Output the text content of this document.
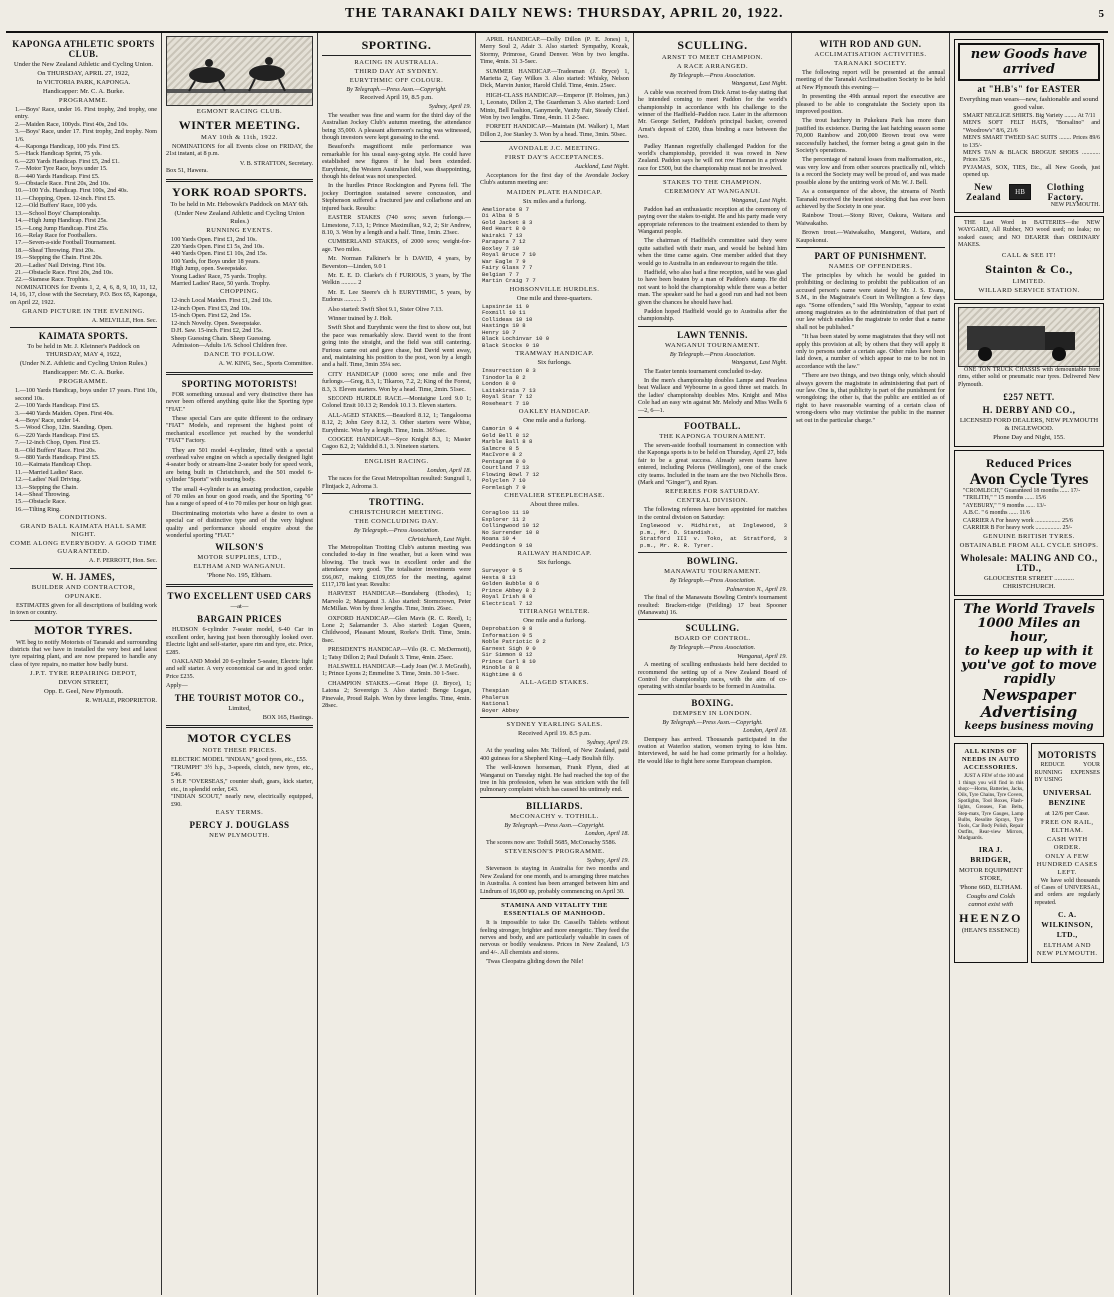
THE TARANAKI DAILY NEWS: THURSDAY, APRIL 20, 1922.	5
KAPONGA ATHLETIC SPORTS CLUB.
Under the New Zealand Athletic and Cycling Union.
On THURSDAY, APRIL 27, 1922,
In VICTORIA PARK, KAPONGA.
Handicapper: Mr. C. A. Burke.
PROGRAMME.
1.—Boys' Race, under 16. First trophy, 2nd trophy, one entry.
2.—Maiden Race, 100yds. First 40s, 2nd 10s.
3.—Boys' Race, under 17. First trophy, 2nd trophy. Nom 1/6.
4.—Kaponga Handicap, 100 yds. First £5.
5.—Hack Handicap Sprint, 75 yds.
6.—220 Yards Handicap. First £5, 2nd £1.
7.—Motor Tyre Race, boys under 15.
8.—440 Yards Handicap. First £5.
9.—Obstacle Race. First 20s, 2nd 10s.
10.—100 Yds. Handicap. First 100s, 2nd 40s.
11.—Chopping, Open. 12-inch. First £5.
12.—Old Buffers' Race, 100 yds.
13.—School Boys' Championship.
14.—High Jump Handicap. First 25s.
15.—Long Jump Handicap. First 25s.
16.—Relay Race for Footballers.
17.—Seven-a-side Football Tournament.
18.—Sheaf Throwing. First 20s.
19.—Stepping the Chain. First 20s.
20.—Ladies' Nail Driving. First 10s.
21.—Obstacle Race. First 20s, 2nd 10s.
22.—Siamese Race. Trophies.

NOMINATIONS for Events 1, 2, 4, 6, 8, 9, 10, 11, 12, 14, 16, 17, close with the Secretary, P.O. Box 65, Kaponga, on April 22, 1922.

GRAND PICTURE IN THE EVENING.
A. MELVILLE, Hon. Sec.
KAIMATA SPORTS.
To be held in Mr. J. Kleinner's Paddock on THURSDAY, MAY 4, 1922,
(Under N.Z. Athletic and Cycling Union Rules.)
Handicapper: Mr. C. A. Burke.
PROGRAMME.
1.—100 Yards Handicap, boys under 17 years. First 10s, second 10s.
2.—100 Yards Handicap. First £5.
3.—440 Yards Maiden. Open. First 40s.
4.—Boys' Race, under 14.
5.—Wood Chop, 12in. Standing. Open.
6.—220 Yards Handicap. First £5.
7.—12-inch Chop, Open. First £5.
8.—Old Buffers' Race. First 20s.
9.—880 Yards Handicap. First £5.
10.—Kaimata Handicap Chop.
11.—Married Ladies' Race.
12.—Ladies' Nail Driving.
13.—Stepping the Chain.
14.—Sheaf Throwing.
15.—Obstacle Race.
16.—Tilting Ring.
CONDITIONS.
GRAND BALL KAIMATA HALL SAME NIGHT.
COME ALONG EVERYBODY. A GOOD TIME GUARANTEED.
A. F. PERROTT, Hon. Sec.
W. H. JAMES,
BUILDER AND CONTRACTOR,
OPUNAKE.

ESTIMATES given for all descriptions of building work in town or country.

MOTOR TYRES.

WE beg to notify Motorists of Taranaki and surrounding districts that we have in installed the very best and latest tyre repairing plant, and are now prepared to handle any class of tyre repairs, no matter how badly burst.

J.P.T. TYRE REPAIRING DEPOT,
DEVON STREET,
Opp. E. Geel, New Plymouth.
R. WHALE, PROPRIETOR.
EGMONT RACING CLUB.
WINTER MEETING.
MAY 10th & 11th, 1922.

NOMINATIONS for all Events close on FRIDAY, the 21st instant, at 8 p.m.

V. B. STRATTON, Secretary.
Box 51, Hawera.
YORK ROAD SPORTS.
To be held in Mr. Hebowski's Paddock on MAY 6th.
(Under New Zealand Athletic and Cycling Union Rules.)
RUNNING EVENTS.
100 Yards Open. First £1, 2nd 10s.
220 Yards Open. First £1 5s, 2nd 10s.
440 Yards Open. First £1 10s, 2nd 15s.
100 Yards, for Boys under 18 years.
High Jump, open. Sweepstake.
Young Ladies' Race, 75 yards. Trophy.
Married Ladies' Race, 50 yards. Trophy.
CHOPPING.
12-inch Local Maiden. First £1, 2nd 10s.
12-inch Open. First £3, 2nd 10s.
15-inch Open. First £2, 2nd 15s.
12-inch Novelty. Open. Sweepstake.
D.H. Saw. 15-inch. First £2, 2nd 15s.
Sheep Guessing Chain. Sheep Guessing.

Admission—Adults 1/6. School Children free.

DANCE TO FOLLOW.
A. W. KING, Sec., Sports Committee.
SPORTING MOTORISTS!

FOR something unusual and very distinctive there has never been offered anything quite like the Sporting type "FIAT."

These special Cars are quite different to the ordinary "FIAT" Models, and represent the highest point of mechanical excellence yet reached by the wonderful "FIAT" Factory.

They are 501 model 4-cylinder, fitted with a special overhead valve engine on which a specially designed light 4-seater body or stream-line 2-seater body for speed work, are being built in Christchurch, and the 501 model 6-cylinder "Sports" with touring body.

The small 4-cylinder is an amazing production, capable of 70 miles an hour on good roads, and the Sporting "6" has a range of speed of 4 to 70 miles per hour on high gear.

Discriminating motorists who have a desire to own a special car of distinctive type and of the very highest quality and performance should enquire about the wonderful sporting "FIAT."

WILSON'S
MOTOR SUPPLIES, LTD.,
ELTHAM AND WANGANUI.
'Phone No. 195, Eltham.
TWO EXCELLENT USED CARS
—at—
BARGAIN PRICES

HUDSON 6-cylinder 7-seater model, 6-40 Car in excellent order, having just been thoroughly looked over. Electric light and self-starter, spare rim and tyre, etc. Price, £285.

OAKLAND Model 20 6-cylinder 5-seater, Electric light and self starter. A very economical car and in good order. Price £235.

Apply—
THE TOURIST MOTOR CO.,
Limited,
BOX 165, Hastings.
MOTOR CYCLES
NOTE THESE PRICES.
ELECTRIC MODEL "INDIAN," good tyres, etc., £55.
"TRUMPH" 3½ h.p., 3-speeds, clutch, new tyres, etc., £46.
5 H.P. "OVERSEAS," counter shaft, gears, kick starter, etc., in splendid order, £43.
"INDIAN SCOUT," nearly new, electrically equipped, £90.
EASY TERMS.
PERCY J. DOUGLASS
NEW PLYMOUTH.
SPORTING.
RACING IN AUSTRALIA.
THIRD DAY AT SYDNEY.
EURYTHMIC OFF COLOUR.
By Telegraph.—Press Assn.—Copyright.
Received April 19, 8.5 p.m.
Sydney, April 19.

The weather was fine and warm for the third day of the Australian Jockey Club's autumn meeting, the attendance being 35,000. A pleasant afternoon's racing was witnessed, though investors were kept guessing to the end.

Beauford's magnificent mile performance was remarkable for his usual easy-going style. He could have established new figures if he had been extended. Eurythmic, the Western Australian idol, was disappointing, though his defeat was not unexpected.

In the hurdles Prince Rockington and Pyrens fell. The jockey Dorrington sustained severe concussion, and Stephenson suffered a fractured jaw and collarbone and an injured back. Results:

EASTER STAKES (740 sovs; seven furlongs.—Limestone, 7.13, 1; Prince Maximilian, 9.2, 2; Sir Andrew, 8.10, 3. Won by a length and a half. Time, 1min. 23sec.

CUMBERLAND STAKES, of 2000 sovs; weight-for-age. Two miles.

Mr. Norman Falkiner's br h DAVID, 4 years, by Beverston—Linden, 9.0 1

Mr. E. E. D. Clarke's ch f FURIOUS, 3 years, by The Welkin .......... 2

Mr. E. Lee Steere's ch h EURYTHMIC, 5 years, by Eudorus ........... 3

Also started: Swift Shot 9.1, Sister Olive 7.13.

Winner trained by J. Holt.

Swift Shot and Eurythmic were the first to show out, but the pace was remarkably slow. David went to the front going into the straight, and the field was still cantering. Furious came out and gave chase, but David went away, and, maintaining his position to the post, won by a length and a half. Time, 3min 35¼ sec.

CITY HANDICAP (1000 sovs; one mile and five furlongs.—Greg, 8.3, 1; Tikaroo, 7.2, 2; King of the Forest, 8.3, 3. Eleven starters. Won by a head. Time, 2min. 51sec.

SECOND HURDLE RACE.—Montaigne Lord 9.0 1; Colonel Ensit 10.13 2; Rendok 10.1 3. Eleven starters.

ALL-AGED STAKES.—Beauford 8.12, 1; Tangalooma 8.12, 2; John Grey 8.12, 3. Other starters were Whise, Eurythmic. Won by a length. Time, 1min. 36½sec.

COOGEE HANDICAP.—Syce Knight 8.3, 1; Master Cagoo 8.2, 2; Valdidid 8.1, 3. Nineteen starters.

ENGLISH RACING.
London, April 18.

The races for the Great Metropolitan resulted: Sungrail 1, Flintjack 2, Adroma 3.

TROTTING.
CHRISTCHURCH MEETING.
THE CONCLUDING DAY.
By Telegraph.—Press Association.
Christchurch, Last Night.

The Metropolitan Trotting Club's autumn meeting was concluded to-day in fine weather, but a keen wind was blowing. The track was in excellent order and the attendance very good. The totalisator investments were £66,067, making £109,055 for the meeting, against £117,178 last year. Results:

HARVEST HANDICAP.—Bundaberg (Ehodes), 1; Marvolo 2; Manganui 3. Also started: Stormcrown, Peter McMillan. Won by three lengths. Time, 3min. 26sec.

OXFORD HANDICAP.—Glen Mavis (R. C. Reed), 1; Lone 2; Salamander 3. Also started: Logan Queen, Childwood, Pleasant Mount, Rorke's Drift. Time, 3min. 8sec.

PRESIDENT'S HANDICAP.—Vilo (R. C. McDermott), 1; Tatsy Dillon 2; Paul Dufault 3. Time, 4min. 25sec.

HALSWELL HANDICAP.—Lady Joan (W. J. McGrath), 1; Prince Lyons 2; Emmeline 3. Time, 3min. 30 1-5sec.

CHAMPION STAKES.—Great Hope (J. Bryce), 1; Latona 2; Sovereign 3. Also started: Benge Logan, Pinevale, Proud Ralph. Won by three lengths. Time, 4min. 28sec.

APRIL HANDICAP.—Dolly Dillon (P. E. Jones) 1, Merry Soul 2, Adair 3. Also started: Sympathy, Kozak, Stormy, Primrose, Grand Denver. Won by two lengths. Time, 4min. 31 3-5sec.

SUMMER HANDICAP.—Tradesman (J. Bryce) 1, Marietta 2, Gay Wilkes 3. Also started: Whisky, Nelson Dick, Marvin Junior, Harold Child. Time, 4min. 25sec.

HIGH-CLASS HANDICAP.—Emperor (F. Holmes, jun.) 1, Leonato, Dillon 2, The Guardsman 3. Also started: Lord Minto, Bell Fashion, Ganymede, Vanity Fair, Steady Chief. Won by two lengths. Time, 4min. 11 2-5sec.

FORFEIT HANDICAP.—Maintain (M. Walker) 1, Mart Dillon 2, Joe Stanley 3. Won by a head. Time, 3min. 50sec.

AVONDALE J.C. MEETING.
FIRST DAY'S ACCEPTANCES.
Auckland, Last Night.

Acceptances for the first day of the Avondale Jockey Club's autumn meeting are:

MAIDEN PLATE HANDICAP.
Six miles and a furlong.
Ameliorate 8 7
Di Alba 8 5
Gold Jacket 8 3
Red Heart 8 0
Wairaki 7 13
Parapara 7 12
Boxley 7 10
Royal Bruce 7 10
War Eagle 7 9
Fairy Glass 7 7
Belgian 7 7
Martin Craig 7 7
HOBSONVILLE HURDLES.
One mile and three-quarters.
Lapsinrie 11 0
Foxmill 10 11
Collideas 10 10
Hastings 10 8
Henry 10 7
Black Lochinvar 10 0
Black Stocks 9 10
TRAMWAY HANDICAP.
Six furlongs.
Insurrection 8 3
Tinodorla 8 2
London 8 0
Laitakiraia 7 13
Royal Star 7 12
Roseheart 7 10
OAKLEY HANDICAP.
One mile and a furlong.
Camorin 9 4
Gold Bell 8 12
Marble Ball 8 8
Salmcre 8 5
MacIvore 8 2
Pentagram 8 0
Courtland 7 13
Flowing Bowl 7 12
Polyclen 7 10
Formleigh 7 9
CHEVALIER STEEPLECHASE.
About three miles.
Coragloo 11 10
Explorer 11 2
Collingwood 10 12
No Surrender 10 8
Noana 10 4
Peddington 9 10
RAILWAY HANDICAP.
Six furlongs.
Surveyor 9 5
Hesta 8 13
Golden Bubble 8 6
Prince Abbey 8 2
Royal Irish 8 0
Electrical 7 12
TITIRANGI WELTER.
One mile and a furlong.
Deprobation 9 8
Information 9 5
Noble Patriotic 9 2
Earnest Sigh 9 0
Sir Simmon 8 12
Prince Carl 8 10
Minoble 8 8
Nightime 8 6
ALL-AGED STAKES.
Thespian
Phalerus
National
Boyer Abbey
SYDNEY YEARLING SALES.
Received April 19. 8.5 p.m.
Sydney, April 19.

At the yearling sales Mr. Telford, of New Zealand, paid 400 guineas for a Shepherd King—Lady Boulish filly.

The well-known horseman, Frank Flynn, died at Wanganui on Tuesday night. He had reached the top of the tree in his profession, when he was stricken with the fell pulmonary complaint which has caused his untimely end.

BILLIARDS.
McCONACHY v. TOTHILL.
By Telegraph.—Press Assn.—Copyright.
London, April 18.

The scores now are: Tothill 5685, McConachy 5586.

STEVENSON'S PROGRAMME.
Sydney, April 19.

Stevenson is staying in Australia for two months and New Zealand for one month, and is arranging three matches in Australia. A contest has been arranged between him and Lindrum of 16,000 up, probably commencing on April 30.

STAMINA AND VITALITY THE ESSENTIALS OF MANHOOD.

It is impossible to take Dr. Cassell's Tablets without feeling stronger, brighter and more energetic. They feed the nerves and body, and are particularly valuable in cases of nervous or bodily weakness. Prices in New Zealand, 1/3 and 4/-. All chemists and stores.

'Twas Cleopatra gliding down the Nile!

SCULLING.
ARNST TO MEET CHAMPION.
A RACE ARRANGED.
By Telegraph.—Press Association.
Wanganui, Last Night.

A cable was received from Dick Arnst to-day stating that he intended coming to meet Paddon for the world's championship in accordance with his challenge to the winner of the Hadfield–Paddon race. Later in the afternoon Mr. George Seifert, Paddon's principal backer, covered Arnst's deposit of £200, thus binding a race between the two.

Padley Hannan regretfully challenged Paddon for the world's championship, provided it was rowed in New Zealand. Paddon says he will not row Hannan in a private race for £500, but the championship must not be involved.

STAKES TO THE CHAMPION.
CEREMONY AT WANGANUI.
Wanganui, Last Night.

Paddon had an enthusiastic reception at the ceremony of paying over the stakes to-night. He and his party made very appropriate references to the treatment extended to them by Wanganui people.

The chairman of Hadfield's committee said they were quite satisfied with their man, and would be behind him when the time came again. One member added that they would go to Australia in an endeavour to regain the title.

Hadfield, who also had a fine reception, said he was glad to have been beaten by a man of Paddon's stamp. He did not want to hold the championship while there was a better man. The speaker said he had a good run and had not been given the chances he should have had.

Paddon hoped Hadfield would go to Australia after the championship.

LAWN TENNIS.
WANGANUI TOURNAMENT.
By Telegraph.—Press Association.
Wanganui, Last Night.

The Easter tennis tournament concluded to-day.

In the men's championship doubles Lampe and Pearless beat Wallace and Wybourne in a good three set match. In the ladies' championship doubles Mrs. Knight and Miss Cole had an easy win against Mr. Melody and Miss Wells 6—2, 6—1.

FOOTBALL.
THE KAPONGA TOURNAMENT.

The seven-aside football tournament in connection with the Kaponga sports is to be held on Thursday, April 27, bids fair to be a great success. Already seven teams have entered, including Pelorus (Wellington), one of the crack city teams. Included in the team are the two Nicholls Bros. (Mark and "Ginger"), and Ryan.

REFEREES FOR SATURDAY.
CENTRAL DIVISION.

The following referees have been appointed for matches in the central division on Saturday:

Inglewood v. Midhirst, at Inglewood, 3 p.m., Mr. D. Standish.
Stratford III v. Toko, at Stratford, 3 p.m., Mr. R. R. Tyrer.
BOWLING.
MANAWATU TOURNAMENT.
By Telegraph.—Press Association.
Palmerston N., April 19.

The final of the Manawatu Bowling Centre's tournament resulted: Bracken-ridge (Feilding) 17 beat Spooner (Manawatu) 16.

SCULLING.
BOARD OF CONTROL.
By Telegraph.—Press Association.
Wanganui, April 19.

A meeting of sculling enthusiasts held here decided to recommend the setting up of a New Zealand Board of Control for championship races, with the aim of co-operating with similar boards to be formed in Australia.

BOXING.
DEMPSEY IN LONDON.
By Telegraph.—Press Assn.—Copyright.
London, April 18.

Dempsey has arrived. Thousands participated in the ovation at Waterloo station, women trying to kiss him. Interviewed, he said he had come primarily for a holiday. He would like to fight here some European champion.

WITH ROD AND GUN.
ACCLIMATISATION ACTIVITIES.
TARANAKI SOCIETY.

The following report will be presented at the annual meeting of the Taranaki Acclimatisation Society to be held at New Plymouth this evening:—

In presenting the 49th annual report the executive are pleased to be able to congratulate the Society upon its improved position.

The trout hatchery in Pukekura Park has more than justified its existence. During the last hatching season some 70,000 Rainbow and 200,000 Brown trout ova were successfully hatched, the former being a great gain in the Society's operations.

The percentage of natural losses from malformation, etc., was very low and from other sources practically nil, which is a record the Society may well be proud of, and was made possible alone by the untiring work of Mr. W. J. Bell.

As a consequence of the above, the streams of North Taranaki received the heaviest stocking that has ever been achieved by the Society in one year.

Rainbow Trout.—Stony River, Oakura, Waitara and Waiwakaiho.

Brown trout.—Waiwakaiho, Mangorei, Waitara, and Kaupokonui.

PART OF PUNISHMENT.
NAMES OF OFFENDERS.

The principles by which he would be guided in prohibiting or declining to prohibit the publication of an accused person's name were stated by Mr. J. S. Evans, S.M., in the Magistrate's Court in Wellington a few days ago. "Some offenders," said His Worship, "appear to exist among magistrates as to the administration of that part of our law which enables the magistrate to order that a name shall not be published."

"It has been stated by some magistrates that they will not apply this provision at all; by others that they will apply it only to persons under a certain age. Other rules have been laid down, a number of which appear to me to be not in accordance with the law."

"There are two things, and two things only, which should always govern the magistrate in administering that part of our law. One is, that publicity is part of the punishment for wrongdoing; the other is, that the public are entitled as of right to have reasonable warning of a certain class of wrong-doers who may victimise the public in the manner set out in the particular charge."

new Goods have arrived
at "H.B's" for EASTER
Everything man wears—new, fashionable and sound good value.
SMART NEGLIGE SHIRTS. Big Variety ........ At 7/11
MEN'S SOFT FELT HATS, "Borsalino" and "Woodrow's" 8/6, 21/6
MEN'S SMART TWEED SAC SUITS ........ Prices 89/6 to 135/-
MEN'S TAN & BLACK BROGUE SHOES ............ Prices 32/6
PYJAMAS, SOX, TIES, Etc., all New Goods, just opened up.
New Zealand	HB	Clothing Factory.
NEW PLYMOUTH.

THE Last Word in BATTERIES—the NEW WAYGARD, All Rubber, NO wood used; no leaks; no soaked cases; and NO DEARER than ORDINARY MAKES.

CALL & SEE IT!
Stainton & Co.,
LIMITED.
WILLARD SERVICE STATION.

ONE TON TRUCK CHASSIS with demountable front rims, either solid or pneumatic rear tyres. Delivered New Plymouth.

£257 NETT.
H. DERBY AND CO.,
LICENSED FORD DEALERS, NEW PLYMOUTH & INGLEWOOD.
Phone Day and Night, 155.
Reduced Prices
Avon Cycle Tyres
"CROMLECH," Guaranteed 18 months ...... 17/-
"TRILITH," " 15 months ...... 15/6
"AYEBURY," " 9 months ...... 13/-
A.B.C. " 6 months ...... 11/6
CARRIER A For heavy work ................. 25/6
CARRIER B For heavy work ................. 25/-
GENUINE BRITISH TYRES.
OBTAINABLE FROM ALL CYCLE SHOPS.
Wholesale: MALING AND CO., LTD.,
GLOUCESTER STREET ............ CHRISTCHURCH.
The World Travels
1000 Miles an hour,
to keep up with it
you've got to move
rapidly
Newspaper
Advertising
keeps business moving
ALL KINDS OF NEEDS IN AUTO ACCESSORIES.

JUST A FEW of the 100 and 1 things you will find in this shop:—Horns, Batteries, Jacks, Oils, Tyre Chains, Tyre Covers, Spotlights, Tool Boxes, Flash-lights, Greases, Fan Belts, Step-mats, Tyre Gauges, Lamp Bulbs, Resolite Sprays, Tyre Tools, Car Body Polish, Repair Outfits, Rear-view Mirrors, Mudguards.

IRA J. BRIDGER,
MOTOR EQUIPMENT STORE,
'Phone 66D, ELTHAM.
Coughs and Colds cannot exist with
HEENZO
(HEAN'S ESSENCE)
MOTORISTS

REDUCE YOUR RUNNING EXPENSES BY USING

UNIVERSAL BENZINE
at 12/6 per Case.
FREE ON RAIL, ELTHAM.
CASH WITH ORDER.
ONLY A FEW HUNDRED CASES LEFT.

We have sold thousands of Cases of UNIVERSAL, and orders are regularly repeated.

C. A. WILKINSON, LTD.,
ELTHAM AND NEW PLYMOUTH.
